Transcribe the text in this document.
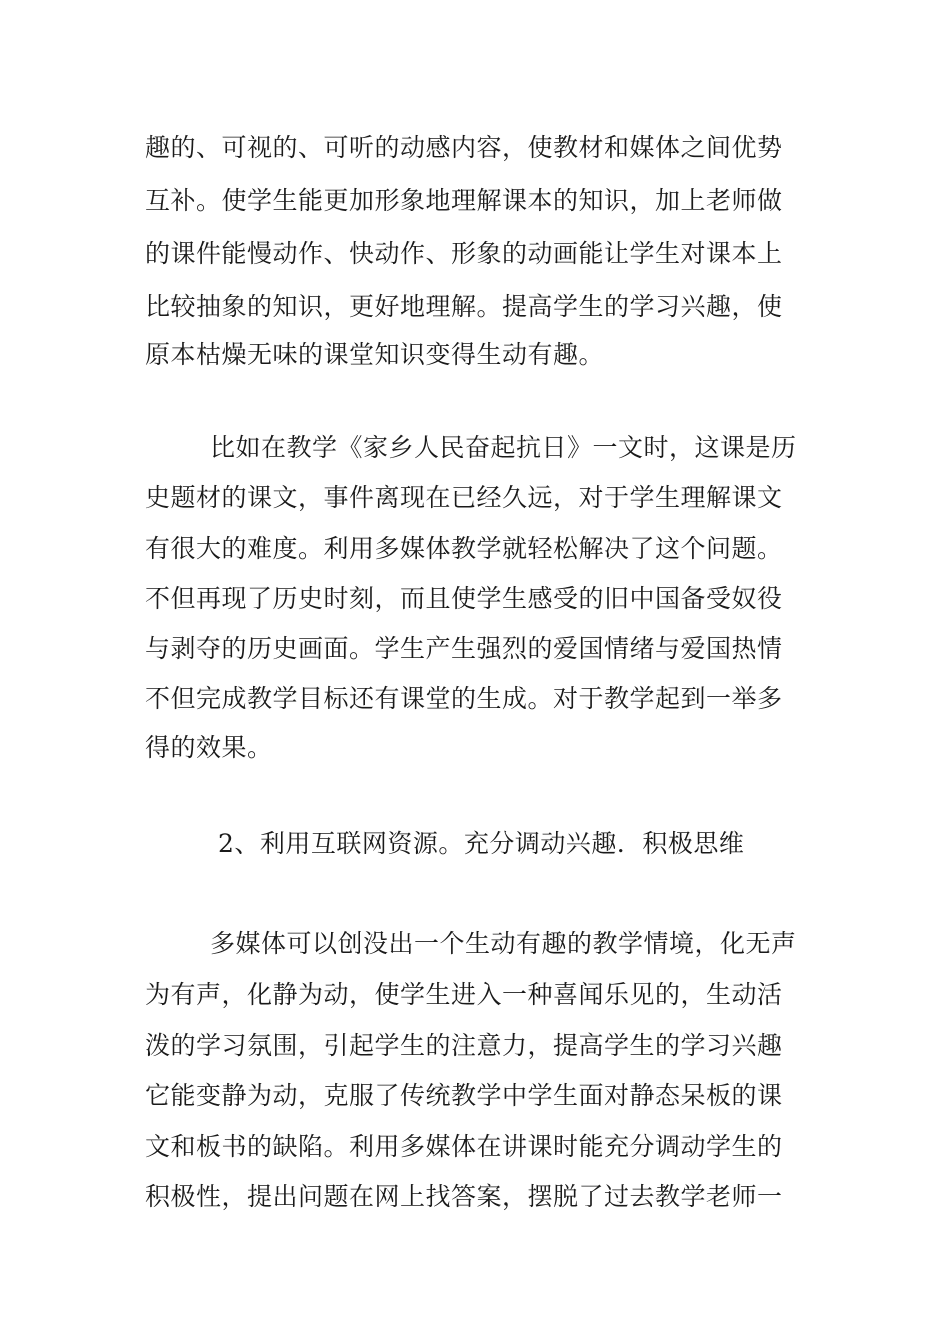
趣的、可视的、可听的动感内容，使教材和媒体之间优势
互补。使学生能更加形象地理解课本的知识，加上老师做
的课件能慢动作、快动作、形象的动画能让学生对课本上
比较抽象的知识，更好地理解。提高学生的学习兴趣，使
原本枯燥无味的课堂知识变得生动有趣。
比如在教学《家乡人民奋起抗日》一文时，这课是历
史题材的课文，事件离现在已经久远，对于学生理解课文
有很大的难度。利用多媒体教学就轻松解决了这个问题。
不但再现了历史时刻，而且使学生感受的旧中国备受奴役
与剥夺的历史画面。学生产生强烈的爱国情绪与爱国热情
不但完成教学目标还有课堂的生成。对于教学起到一举多
得的效果。
2、利用互联网资源。充分调动兴趣．积极思维
多媒体可以创没出一个生动有趣的教学情境，化无声
为有声，化静为动，使学生进入一种喜闻乐见的，生动活
泼的学习氛围，引起学生的注意力，提高学生的学习兴趣
它能变静为动，克服了传统教学中学生面对静态呆板的课
文和板书的缺陷。利用多媒体在讲课时能充分调动学生的
积极性，提出问题在网上找答案，摆脱了过去教学老师一
